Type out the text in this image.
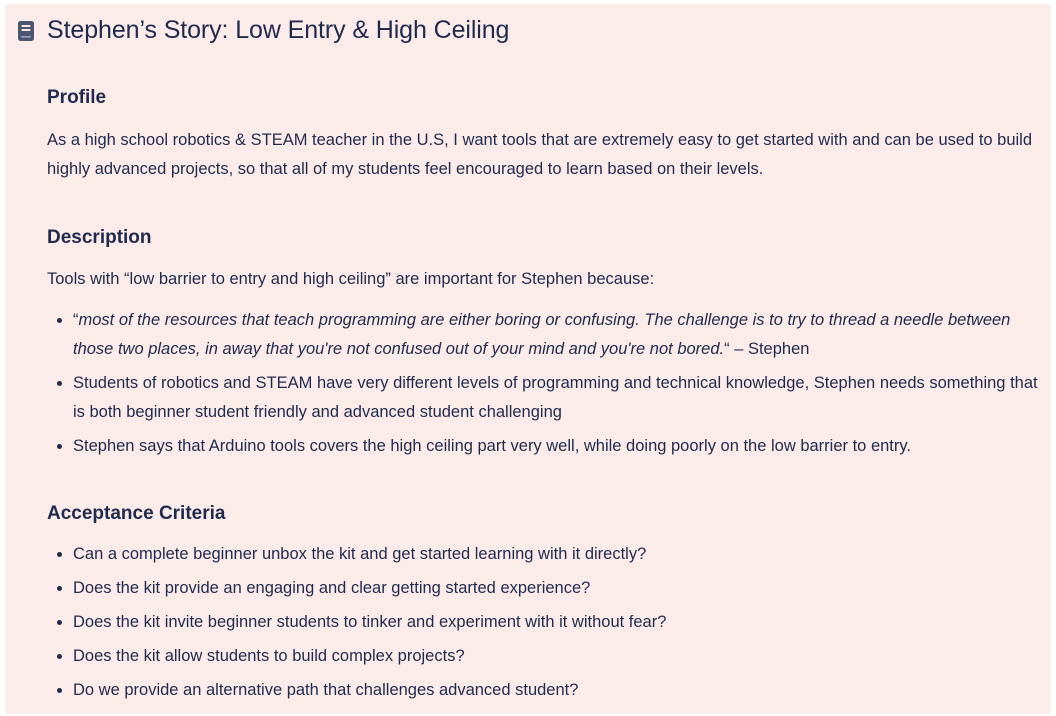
Stephen’s Story: Low Entry & High Ceiling
Profile

As a high school robotics & STEAM teacher in the U.S, I want tools that are extremely easy to get started with and can be used to build highly advanced projects, so that all of my students feel encouraged to learn based on their levels.

Description

Tools with “low barrier to entry and high ceiling” are important for Stephen because:

“most of the resources that teach programming are either boring or confusing. The challenge is to try to thread a needle between those two places, in away that you're not confused out of your mind and you're not bored.“ – Stephen
Students of robotics and STEAM have very different levels of programming and technical knowledge, Stephen needs something that is both beginner student friendly and advanced student challenging
Stephen says that Arduino tools covers the high ceiling part very well, while doing poorly on the low barrier to entry.
Acceptance Criteria
Can a complete beginner unbox the kit and get started learning with it directly?
Does the kit provide an engaging and clear getting started experience?
Does the kit invite beginner students to tinker and experiment with it without fear?
Does the kit allow students to build complex projects?
Do we provide an alternative path that challenges advanced student?
